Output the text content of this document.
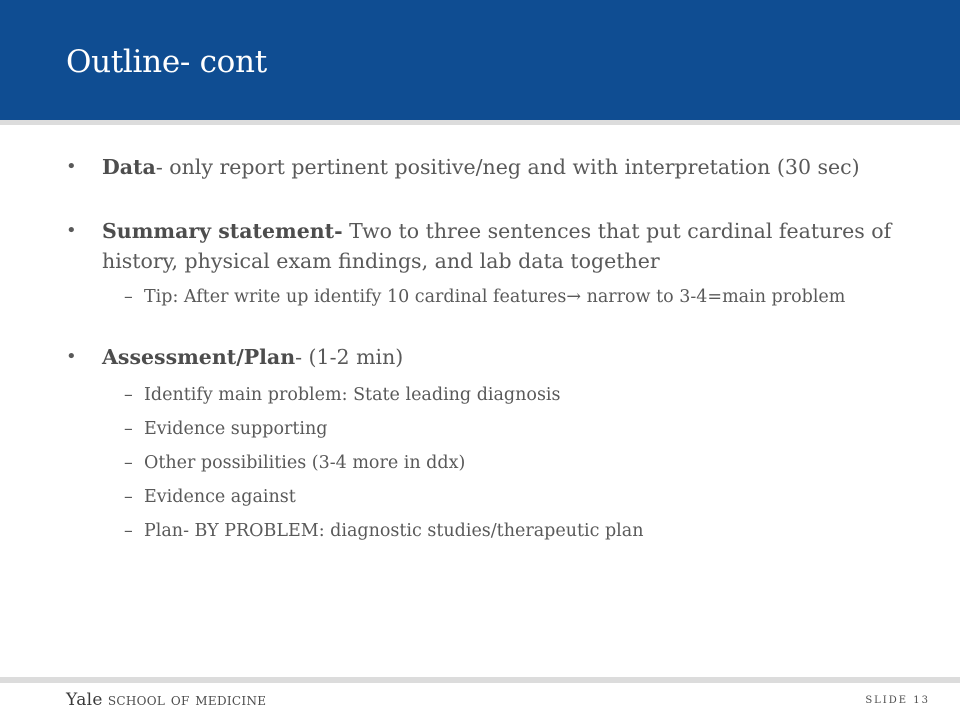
Outline- cont
• Data- only report pertinent positive/neg and with interpretation (30 sec)
• Summary statement- Two to three sentences that put cardinal features of history, physical exam findings, and lab data together
– Tip: After write up identify 10 cardinal features→ narrow to 3-4=main problem
• Assessment/Plan- (1-2 min)
– Identify main problem: State leading diagnosis
– Evidence supporting
– Other possibilities (3-4 more in ddx)
– Evidence against
– Plan- BY PROBLEM: diagnostic studies/therapeutic plan
Yale school of medicine	SLIDE 13
